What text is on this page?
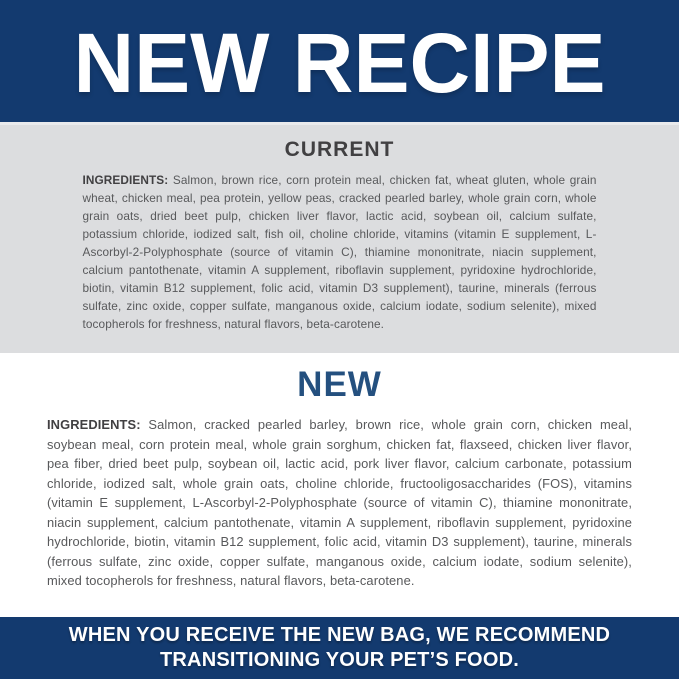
NEW RECIPE
CURRENT

INGREDIENTS: Salmon, brown rice, corn protein meal, chicken fat, wheat gluten, whole grain wheat, chicken meal, pea protein, yellow peas, cracked pearled barley, whole grain corn, whole grain oats, dried beet pulp, chicken liver flavor, lactic acid, soybean oil, calcium sulfate, potassium chloride, iodized salt, fish oil, choline chloride, vitamins (vitamin E supplement, L-Ascorbyl-2-Polyphosphate (source of vitamin C), thiamine mononitrate, niacin supplement, calcium pantothenate, vitamin A supplement, riboflavin supplement, pyridoxine hydrochloride, biotin, vitamin B12 supplement, folic acid, vitamin D3 supplement), taurine, minerals (ferrous sulfate, zinc oxide, copper sulfate, manganous oxide, calcium iodate, sodium selenite), mixed tocopherols for freshness, natural flavors, beta-carotene.

NEW

INGREDIENTS: Salmon, cracked pearled barley, brown rice, whole grain corn, chicken meal, soybean meal, corn protein meal, whole grain sorghum, chicken fat, flaxseed, chicken liver flavor, pea fiber, dried beet pulp, soybean oil, lactic acid, pork liver flavor, calcium carbonate, potassium chloride, iodized salt, whole grain oats, choline chloride, fructooligosaccharides (FOS), vitamins (vitamin E supplement, L-Ascorbyl-2-Polyphosphate (source of vitamin C), thiamine mononitrate, niacin supplement, calcium pantothenate, vitamin A supplement, riboflavin supplement, pyridoxine hydrochloride, biotin, vitamin B12 supplement, folic acid, vitamin D3 supplement), taurine, minerals (ferrous sulfate, zinc oxide, copper sulfate, manganous oxide, calcium iodate, sodium selenite), mixed tocopherols for freshness, natural flavors, beta-carotene.

WHEN YOU RECEIVE THE NEW BAG, WE RECOMMEND
TRANSITIONING YOUR PET’S FOOD.
